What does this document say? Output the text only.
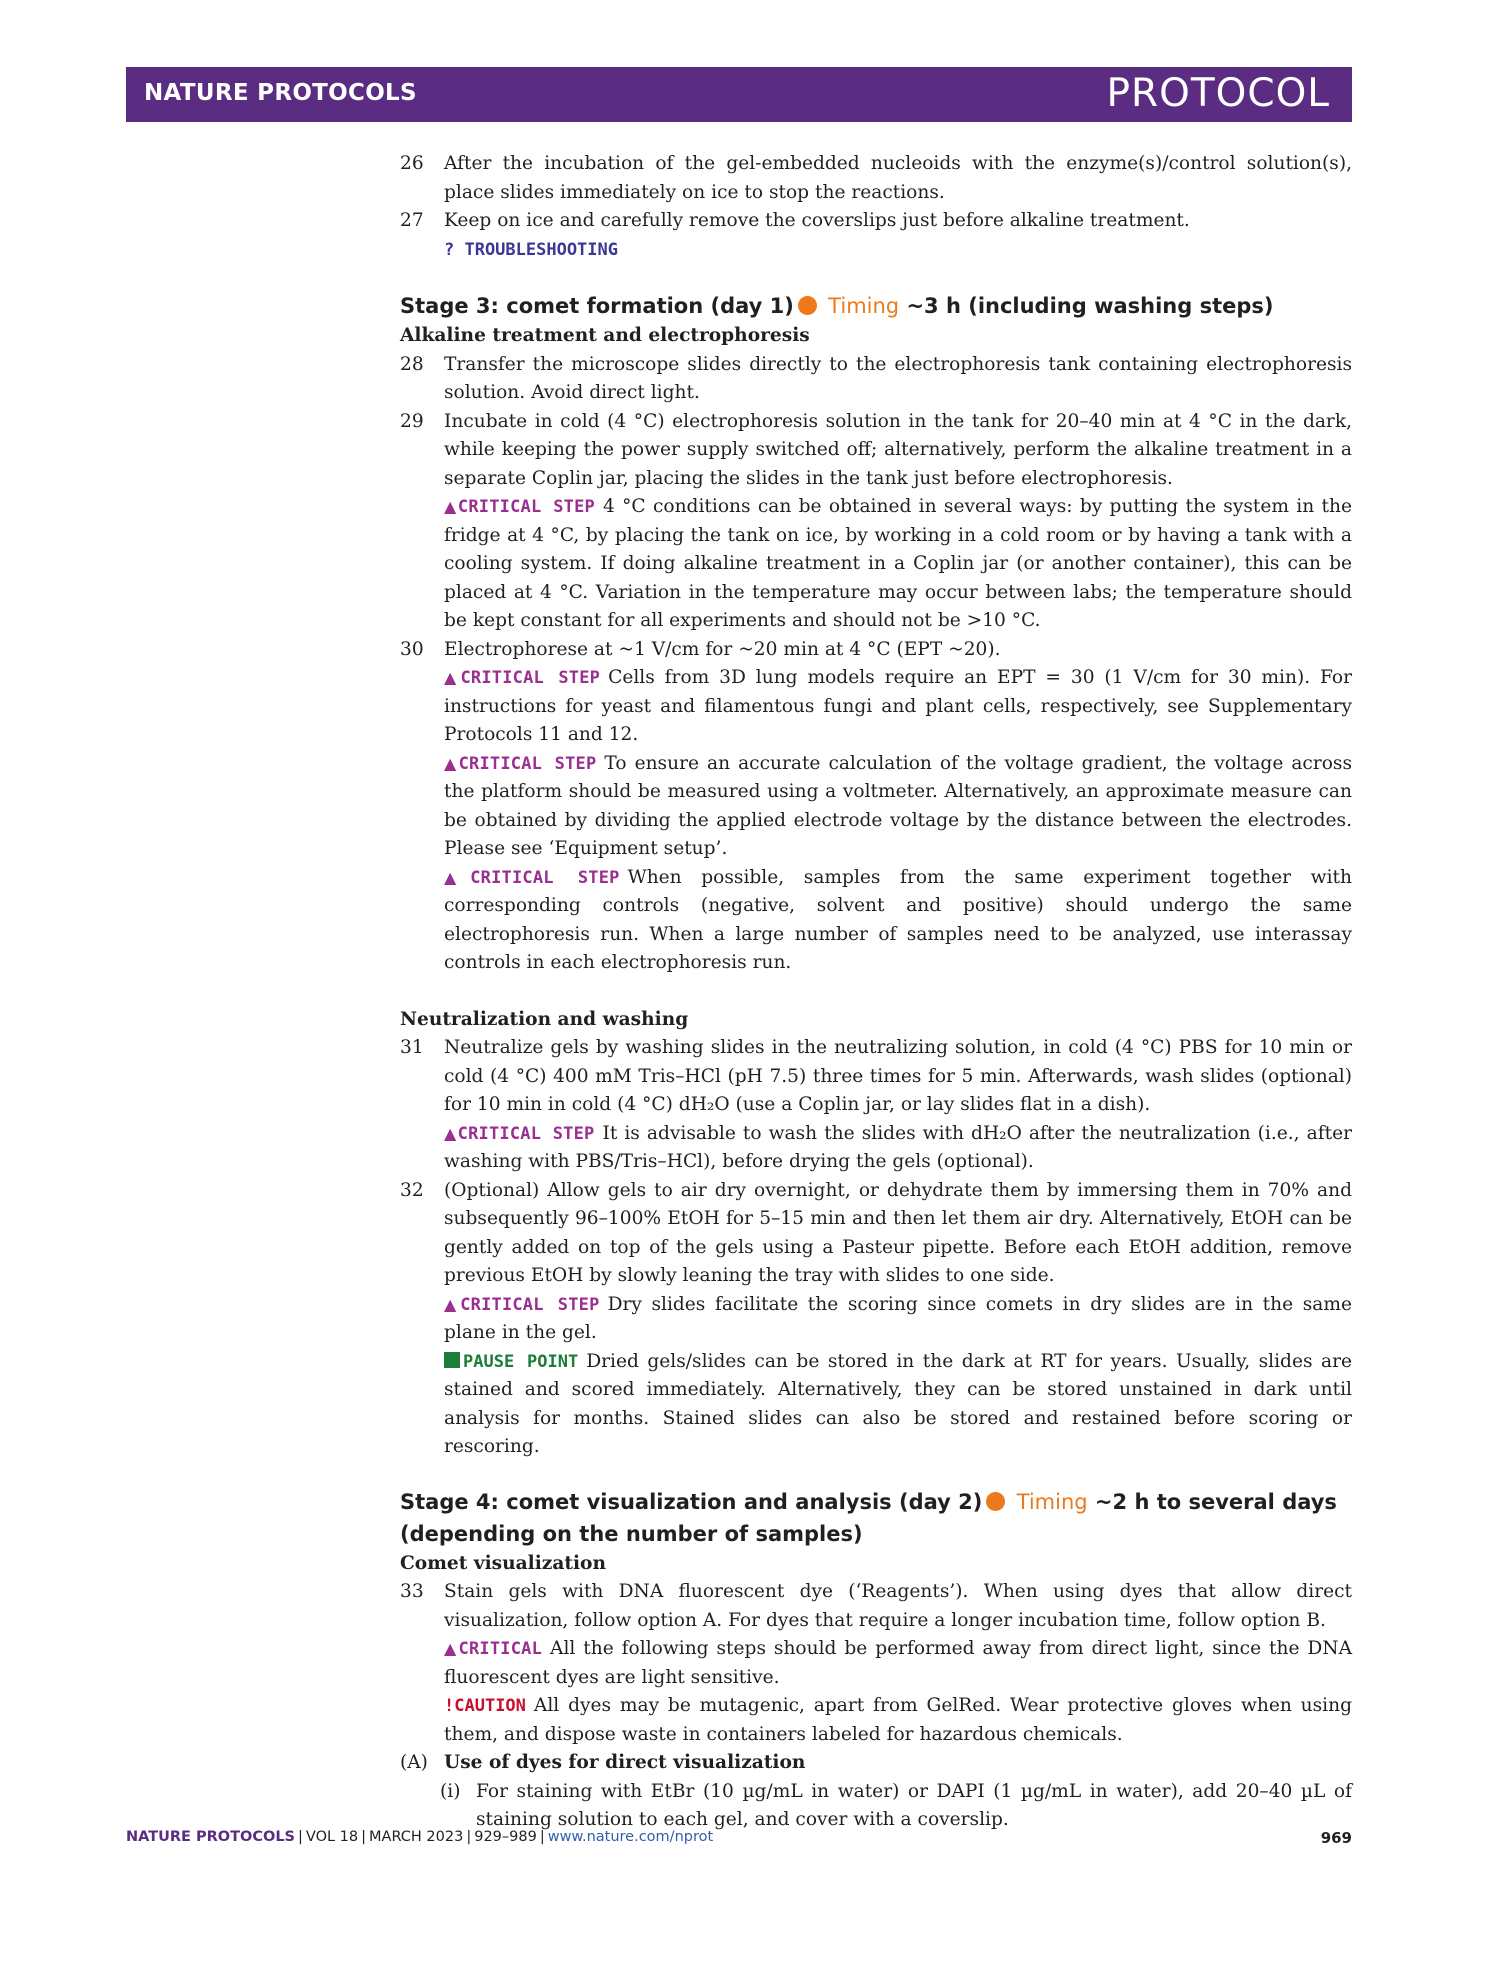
NATURE PROTOCOLS	PROTOCOL
26 After the incubation of the gel-embedded nucleoids with the enzyme(s)/control solution(s), place slides immediately on ice to stop the reactions.

27 Keep on ice and carefully remove the coverslips just before alkaline treatment.

? TROUBLESHOOTING

Stage 3: comet formation (day 1) Timing ~3 h (including washing steps)

Alkaline treatment and electrophoresis

28 Transfer the microscope slides directly to the electrophoresis tank containing electrophoresis solution. Avoid direct light.

29 Incubate in cold (4 °C) electrophoresis solution in the tank for 20–40 min at 4 °C in the dark, while keeping the power supply switched off; alternatively, perform the alkaline treatment in a separate Coplin jar, placing the slides in the tank just before electrophoresis.

▲CRITICAL STEP 4 °C conditions can be obtained in several ways: by putting the system in the fridge at 4 °C, by placing the tank on ice, by working in a cold room or by having a tank with a cooling system. If doing alkaline treatment in a Coplin jar (or another container), this can be placed at 4 °C. Variation in the temperature may occur between labs; the temperature should be kept constant for all experiments and should not be >10 °C.

30 Electrophorese at ~1 V/cm for ~20 min at 4 °C (EPT ~20).

▲CRITICAL STEP Cells from 3D lung models require an EPT = 30 (1 V/cm for 30 min). For instructions for yeast and filamentous fungi and plant cells, respectively, see Supplementary Protocols 11 and 12.

▲CRITICAL STEP To ensure an accurate calculation of the voltage gradient, the voltage across the platform should be measured using a voltmeter. Alternatively, an approximate measure can be obtained by dividing the applied electrode voltage by the distance between the electrodes. Please see ‘Equipment setup’.

▲CRITICAL STEP When possible, samples from the same experiment together with corresponding controls (negative, solvent and positive) should undergo the same electrophoresis run. When a large number of samples need to be analyzed, use interassay controls in each electrophoresis run.

Neutralization and washing

31 Neutralize gels by washing slides in the neutralizing solution, in cold (4 °C) PBS for 10 min or cold (4 °C) 400 mM Tris–HCl (pH 7.5) three times for 5 min. Afterwards, wash slides (optional) for 10 min in cold (4 °C) dH₂O (use a Coplin jar, or lay slides flat in a dish).

▲CRITICAL STEP It is advisable to wash the slides with dH₂O after the neutralization (i.e., after washing with PBS/Tris–HCl), before drying the gels (optional).

32 (Optional) Allow gels to air dry overnight, or dehydrate them by immersing them in 70% and subsequently 96–100% EtOH for 5–15 min and then let them air dry. Alternatively, EtOH can be gently added on top of the gels using a Pasteur pipette. Before each EtOH addition, remove previous EtOH by slowly leaning the tray with slides to one side.

▲CRITICAL STEP Dry slides facilitate the scoring since comets in dry slides are in the same plane in the gel.

PAUSE POINT Dried gels/slides can be stored in the dark at RT for years. Usually, slides are stained and scored immediately. Alternatively, they can be stored unstained in dark until analysis for months. Stained slides can also be stored and restained before scoring or rescoring.

Stage 4: comet visualization and analysis (day 2) Timing ~2 h to several days
(depending on the number of samples)

Comet visualization

33 Stain gels with DNA fluorescent dye (‘Reagents’). When using dyes that allow direct visualization, follow option A. For dyes that require a longer incubation time, follow option B.

▲CRITICAL All the following steps should be performed away from direct light, since the DNA fluorescent dyes are light sensitive.

!CAUTION All dyes may be mutagenic, apart from GelRed. Wear protective gloves when using them, and dispose waste in containers labeled for hazardous chemicals.

(A) Use of dyes for direct visualization
(i) For staining with EtBr (10 µg/mL in water) or DAPI (1 µg/mL in water), add 20–40 µL of staining solution to each gel, and cover with a coverslip.
NATURE PROTOCOLS | VOL 18 | MARCH 2023 | 929–989 | www.nature.com/nprot	969
